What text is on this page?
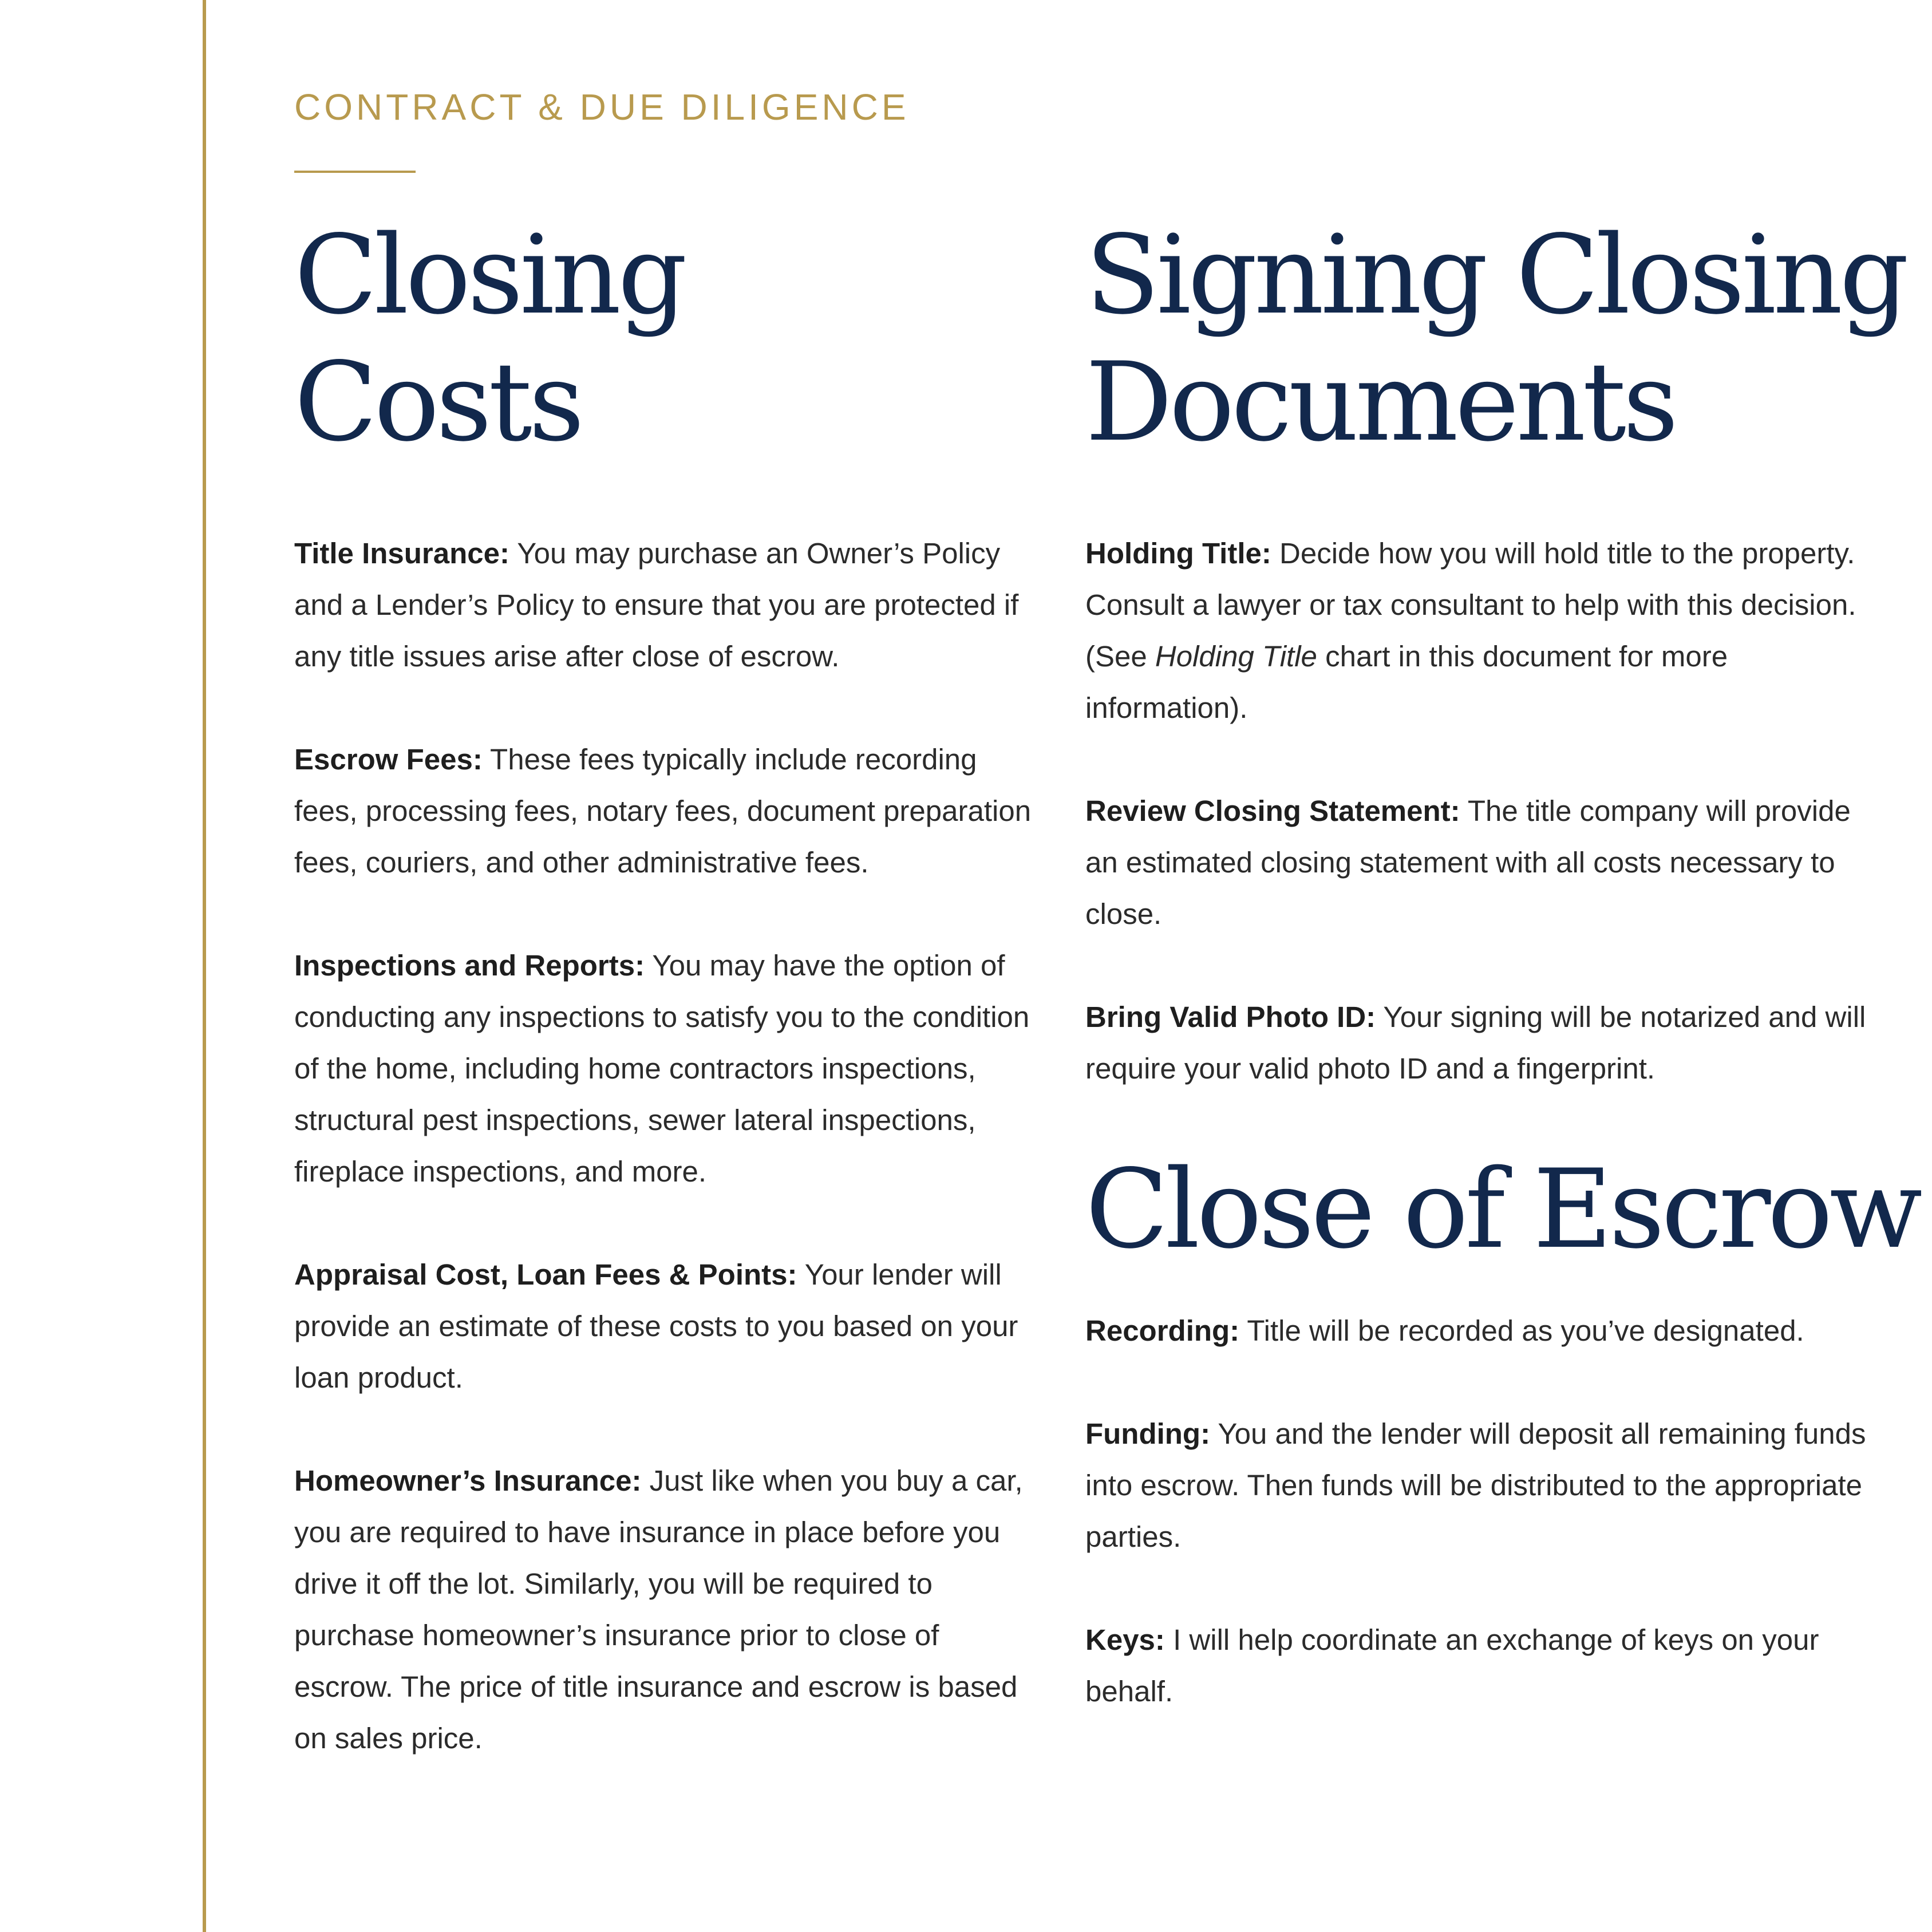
CONTRACT & DUE DILIGENCE
Closing
Costs

Title Insurance: You may purchase an Owner’s Policy and a Lender’s Policy to ensure that you are protected if any title issues arise after close of escrow.

Escrow Fees: These fees typically include recording fees, processing fees, notary fees, document preparation fees, couriers, and other administrative fees.

Inspections and Reports: You may have the option of conducting any inspections to satisfy you to the condition of the home, including home contractors inspections, structural pest inspections, sewer lateral inspections, fireplace inspections, and more.

Appraisal Cost, Loan Fees & Points: Your lender will provide an estimate of these costs to you based on your loan product.

Homeowner’s Insurance: Just like when you buy a car, you are required to have insurance in place before you drive it off the lot. Similarly, you will be required to purchase homeowner’s insurance prior to close of escrow. The price of title insurance and escrow is based on sales price.

Signing Closing
Documents

Holding Title: Decide how you will hold title to the property. Consult a lawyer or tax consultant to help with this decision. (See Holding Title chart in this document for more information).

Review Closing Statement: The title company will provide an estimated closing statement with all costs necessary to close.

Bring Valid Photo ID: Your signing will be notarized and will require your valid photo ID and a fingerprint.

Close of Escrow

Recording: Title will be recorded as you’ve designated.

Funding: You and the lender will deposit all remaining funds into escrow. Then funds will be distributed to the appropriate parties.

Keys: I will help coordinate an exchange of keys on your behalf.
